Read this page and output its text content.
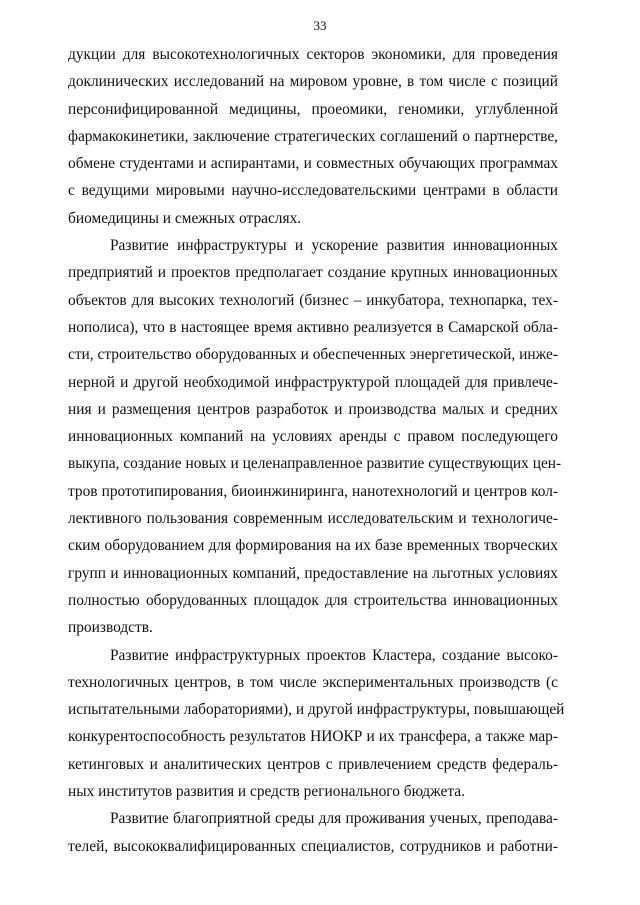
33
дукции для высокотехнологичных секторов экономики, для проведения
доклинических исследований на мировом уровне, в том числе с позиций
персонифицированной медицины, проеомики, геномики, углубленной
фармакокинетики, заключение стратегических соглашений о партнерстве,
обмене студентами и аспирантами, и совместных обучающих программах
с ведущими мировыми научно-исследовательскими центрами в области
биомедицины и смежных отраслях.
Развитие инфраструктуры и ускорение развития инновационных
предприятий и проектов предполагает создание крупных инновационных
объектов для высоких технологий (бизнес – инкубатора, технопарка, тех-
нополиса), что в настоящее время активно реализуется в Самарской обла-
сти, строительство оборудованных и обеспеченных энергетической, инже-
нерной и другой необходимой инфраструктурой площадей для привлече-
ния и размещения центров разработок и производства малых и средних
инновационных компаний на условиях аренды с правом последующего
выкупа, создание новых и целенаправленное развитие существующих цен-
тров прототипирования, биоинжиниринга, нанотехнологий и центров кол-
лективного пользования современным исследовательским и технологиче-
ским оборудованием для формирования на их базе временных творческих
групп и инновационных компаний, предоставление на льготных условиях
полностью оборудованных площадок для строительства инновационных
производств.
Развитие инфраструктурных проектов Кластера, создание высоко-
технологичных центров, в том числе экспериментальных производств (с
испытательными лабораториями), и другой инфраструктуры, повышающей
конкурентоспособность результатов НИОКР и их трансфера, а также мар-
кетинговых и аналитических центров с привлечением средств федераль-
ных институтов развития и средств регионального бюджета.
Развитие благоприятной среды для проживания ученых, преподава-
телей, высококвалифицированных специалистов, сотрудников и работни-
